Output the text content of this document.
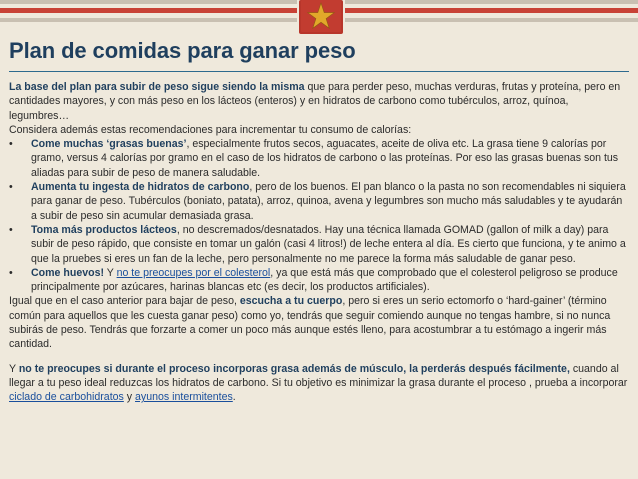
Plan de comidas para ganar peso

La base del plan para subir de peso sigue siendo la misma que para perder peso, muchas verduras, frutas y proteína, pero en cantidades mayores, y con más peso en los lácteos (enteros) y en hidratos de carbono como tubérculos, arroz, quínoa, legumbres…

Considera además estas recomendaciones para incrementar tu consumo de calorías:

• Come muchas ‘grasas buenas’, especialmente frutos secos, aguacates, aceite de oliva etc. La grasa tiene 9 calorías por gramo, versus 4 calorías por gramo en el caso de los hidratos de carbono o las proteínas. Por eso las grasas buenas son tus aliadas para subir de peso de manera saludable.
• Aumenta tu ingesta de hidratos de carbono, pero de los buenos. El pan blanco o la pasta no son recomendables ni siquiera para ganar de peso. Tubérculos (boniato, patata), arroz, quinoa, avena y legumbres son mucho más saludables y te ayudarán a subir de peso sin acumular demasiada grasa.
• Toma más productos lácteos, no descremados/desnatados. Hay una técnica llamada GOMAD (gallon of milk a day) para subir de peso rápido, que consiste en tomar un galón (casi 4 litros!) de leche entera al día. Es cierto que funciona, y te animo a que la pruebes si eres un fan de la leche, pero personalmente no me parece la forma más saludable de ganar peso.
• Come huevos! Y no te preocupes por el colesterol, ya que está más que comprobado que el colesterol peligroso se produce principalmente por azúcares, harinas blancas etc (es decir, los productos artificiales).

Igual que en el caso anterior para bajar de peso, escucha a tu cuerpo, pero si eres un serio ectomorfo o ‘hard-gainer’ (término común para aquellos que les cuesta ganar peso) como yo, tendrás que seguir comiendo aunque no tengas hambre, si no nunca subirás de peso. Tendrás que forzarte a comer un poco más aunque estés lleno, para acostumbrar a tu estómago a ingerir más cantidad.

Y no te preocupes si durante el proceso incorporas grasa además de músculo, la perderás después fácilmente, cuando al llegar a tu peso ideal reduzcas los hidratos de carbono. Si tu objetivo es minimizar la grasa durante el proceso , prueba a incorporar ciclado de carbohidratos y ayunos intermitentes.
